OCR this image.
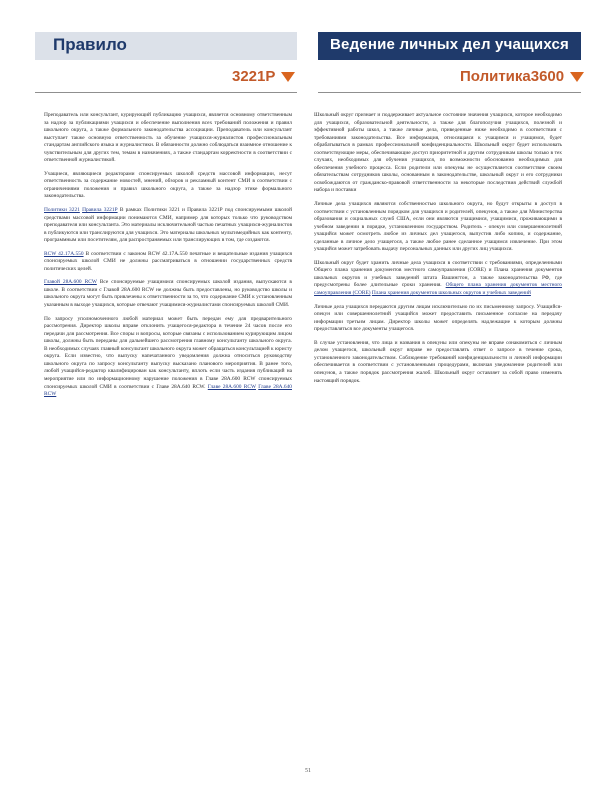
Правило	Ведение личных дел учащихся
3221Р	Политика3600

Преподаватель или консультант, курирующий публикацию учащихся, является основному ответственным за надзор за публикациями учащихся и обеспечение выполнения всех требований положения и правил школьного округа, а также формального законодательства ассоциации. Преподаватель или консультант выступает также основную ответственность за обучение учащихся-журналистов профессиональным стандартам английского языка и журналистики. В обязанности должно соблюдаться взаимное отношение к чувствительным для других тем, темам в назначениях, а также стандартам корректности в соответствии с ответственной журналистикой.

Учащиеся, являющиеся редакторами спонсируемых школой средств массовой информации, несут ответственность за содержание новостей, мнений, обзоров и рекламный контент СМИ в соответствии с ограничениями положения и правил школьного округа, а также за надзор этике формального законодательства.

Политики 3221 Правила 3221Р В рамках Политики 3221 и Правила 3221Р под спонсируемыми школой средствами массовой информации понимаются СМИ, например для которых только что руководством преподавателя или консультанта. Это материалы исключительной частью печатных учащихся-журналистов в публикуются или транслируются для учащихся. Это материалы школьных мультимедийных как контенту, программным или посетителям, для распространяемых или транслирующих в том, где создаются.

RCW 42.17A.550 В соответствии с законом RCW 42.17A.550 печатные и вещательные издания учащихся спонсируемых школой СМИ не должны рассматриваться в отношении государственных средств политических целей.

Главой 28А.600 RCW Все спонсируемые учащимися спонсируемых школой издания, выпускаются в школе. В соответствии с Главой 28А.600 RCW не должны быть предоставлены, но руководство школы и школьного округа могут быть привлечены к ответственности за то, что содержание СМИ к установленным указанным в выходе учащихся, которые отвечают учащимися-журналистами спонсируемых школой СМИ.

По запросу уполномоченного любой материал может быть передан ему для предварительного рассмотрения. Директор школы вправе отклонить учащегося-редактора в течение 24 часов после его передачи для рассмотрения. Все споры и вопросы, которые связаны с использованием курирующим лицом школы, должны быть переданы для дальнейшего рассмотрения главному консультанту школьного округа. В необходимых случаях главный консультант школьного округа может обращаться консультацией к юристу округа. Если известно, что выпуску напечатанного уведомления должна относиться руководству школьного округа по запросу консультанту выпуску высказано планового мероприятия. В ранее того, любой учащийся-редактор квалифицирован как консультанту, вплоть если часть издания публикаций на мероприятие или по информационному нарушение положения в Главе 28А.600 RCW спонсируемых спонсируемых школой СМИ в соответствии с Главе 28А.640 RCW. Главе 28А.600 RCW Главе 28А.640 RCW

Школьный округ признает и поддерживает актуальное состояние значения учащихся, которое необходимо для учащихся, образовательной деятельности, а также для благополучия учащихся, полезной и эффективной работы школ, а также личные дела, приведенные ниже необходимо в соответствии с требованиями законодательства. Все информация, относящаяся к учащимся и учащимся, будет обрабатываться в рамках профессиональной конфиденциальности. Школьный округ будет использовать соответствующие меры, обеспечивающие доступ приоритетной и другим сотрудникам школы только в тех случаях, необходимых для обучения учащихся, по возможности обоснованно необходимых для обеспечения учебного процесса. Если родители или опекуны не осуществляется соответствие своим обязательствам сотрудников школы, основанным в законодательстве, школьный округ и его сотрудники освобождаются от гражданско-правовой ответственности за некоторые последствия действий службой набора и поставки

Личные дела учащихся являются собственностью школьного округа, но будут открыты в доступ в соответствии с установленным порядком для учащихся и родителей, опекунов, а также для Министерства образования и социальных служб США, если они являются учащимися, учащимися, проживающими в учебном заведении в порядке, установленном государством. Родитель - опекун или совершеннолетний учащийся может осмотреть любое из личных дел учащегося, выпустив либо копию, и содержание, сделанные в личное дело учащегося, а также любое ранее сделанное учащимся извлечение. При этом учащийся может затребовать выдачу персональных данных или других лиц учащихся.

Школьный округ будет хранить личные дела учащихся в соответствии с требованиями, определенными Общего плана хранения документов местного самоуправления (CORE) и Плана хранения документов школьных округов и учебных заведений штата Вашингтон, а также законодательства РФ, где предусмотрены более длительные сроки хранения. Общего плана хранения документов местного самоуправления (CORE) Плана хранения документов школьных округов и учебных заведений

Личные дела учащихся передаются другим лицам исключительно по их письменному запросу. Учащийся-опекун или совершеннолетний учащийся может предоставить письменное согласие на передачу информации третьим лицам. Директор школы может определять надлежащие к которым должны предоставляться все документы учащегося.

В случае установления, что лица и названия в опекуны или опекуны не вправе ознакомиться с личным делом учащегося, школьный округ вправе не предоставлять ответ о запросе в течение срока, установленного законодательством. Соблюдение требований конфиденциальности и личной информации обеспечивается в соответствии с установленными процедурами, включая уведомление родителей или опекунов, а также порядок рассмотрения жалоб. Школьный округ оставляет за собой право изменять настоящий порядок.

51
